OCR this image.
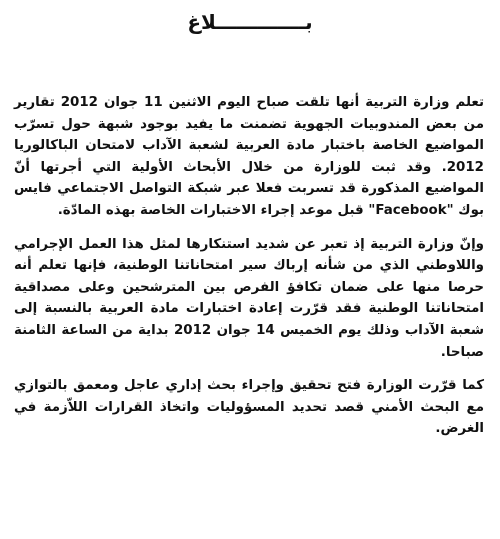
بـــــــــــــلاغ

تعلم وزارة التربية أنها تلقت صباح اليوم الاثنين 11 جوان 2012 تقارير من بعض المندوبيات الجهوية تضمنت ما يفيد بوجود شبهة حول تسرّب المواضيع الخاصة باختبار مادة العربية لشعبة الآداب لامتحان الباكالوريا 2012. وقد ثبت للوزارة من خلال الأبحاث الأولية التي أجرتها أنّ المواضيع المذكورة قد تسربت فعلا عبر شبكة التواصل الاجتماعي فايس بوك "Facebook" قبل موعد إجراء الاختبارات الخاصة بهذه المادّة.

وإنّ وزارة التربية إذ تعبر عن شديد استنكارها لمثل هذا العمل الإجرامي واللاوطني الذي من شأنه إرباك سير امتحاناتنا الوطنية، فإنها تعلم أنه حرصا منها على ضمان تكافؤ الفرص بين المترشحين وعلى مصداقية امتحاناتنا الوطنية فقد قرّرت إعادة اختبارات مادة العربية بالنسبة إلى شعبة الآداب وذلك يوم الخميس 14 جوان 2012 بداية من الساعة الثامنة صباحا.

كما قرّرت الوزارة فتح تحقيق وإجراء بحث إداري عاجل ومعمق بالتوازي مع البحث الأمني قصد تحديد المسؤوليات واتخاذ القرارات اللاّزمة في الغرض.
